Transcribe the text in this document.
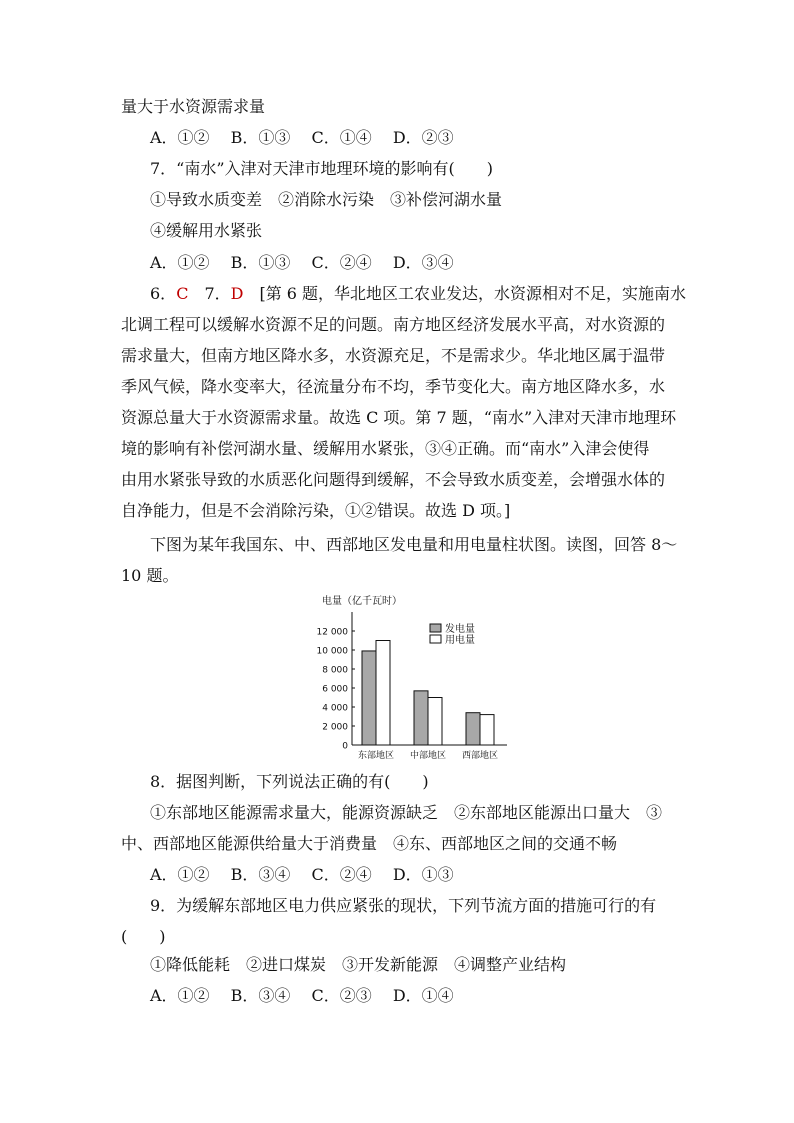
量大于水资源需求量
A．①②　 B．①③　 C．①④　 D．②③
7．“南水”入津对天津市地理环境的影响有(　　)
①导致水质变差　②消除水污染　③补偿河湖水量
④缓解用水紧张
A．①②　 B．①③　 C．②④　 D．③④
6．C　7．D　[第 6 题，华北地区工农业发达，水资源相对不足，实施南水
北调工程可以缓解水资源不足的问题。南方地区经济发展水平高，对水资源的
需求量大，但南方地区降水多，水资源充足，不是需求少。华北地区属于温带
季风气候，降水变率大，径流量分布不均，季节变化大。南方地区降水多，水
资源总量大于水资源需求量。故选 C 项。第 7 题，“南水”入津对天津市地理环
境的影响有补偿河湖水量、缓解用水紧张，③④正确。而“南水”入津会使得
由用水紧张导致的水质恶化问题得到缓解，不会导致水质变差，会增强水体的
自净能力，但是不会消除污染，①②错误。故选 D 项。]
下图为某年我国东、中、西部地区发电量和用电量柱状图。读图，回答 8～
10 题。
电量（亿千瓦时）
0
2 000
4 000
6 000
8 000
10 000
12 000
东部地区 中部地区 西部地区
发电量
用电量
8．据图判断，下列说法正确的有(　　)
①东部地区能源需求量大，能源资源缺乏　②东部地区能源出口量大　③
中、西部地区能源供给量大于消费量　④东、西部地区之间的交通不畅
A．①②　 B．③④　 C．②④　 D．①③
9．为缓解东部地区电力供应紧张的现状，下列节流方面的措施可行的有
(　　)
①降低能耗　②进口煤炭　③开发新能源　④调整产业结构
A．①②　 B．③④　 C．②③　 D．①④
